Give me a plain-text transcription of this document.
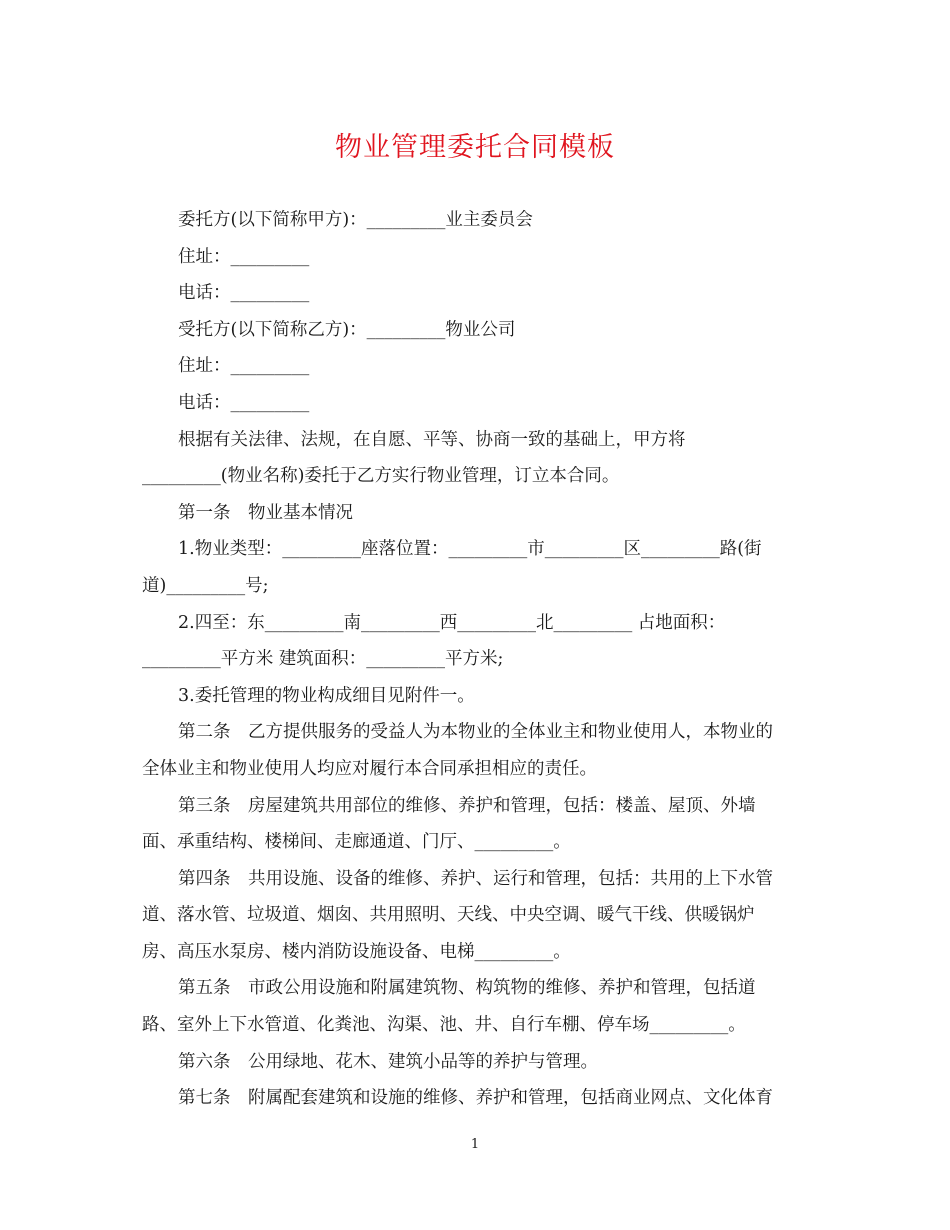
物业管理委托合同模板
委托方(以下简称甲方)：_________业主委员会
住址：_________
电话：_________
受托方(以下简称乙方)：_________物业公司
住址：_________
电话：_________
根据有关法律、法规，在自愿、平等、协商一致的基础上，甲方将
_________(物业名称)委托于乙方实行物业管理，订立本合同。
第一条　物业基本情况
1.物业类型：_________座落位置：_________市_________区_________路(街
道)_________号;
2.四至：东_________南_________西_________北_________ 占地面积：
_________平方米 建筑面积：_________平方米;
3.委托管理的物业构成细目见附件一。
第二条　乙方提供服务的受益人为本物业的全体业主和物业使用人，本物业的
全体业主和物业使用人均应对履行本合同承担相应的责任。
第三条　房屋建筑共用部位的维修、养护和管理，包括：楼盖、屋顶、外墙
面、承重结构、楼梯间、走廊通道、门厅、_________。
第四条　共用设施、设备的维修、养护、运行和管理，包括：共用的上下水管
道、落水管、垃圾道、烟囱、共用照明、天线、中央空调、暖气干线、供暖锅炉
房、高压水泵房、楼内消防设施设备、电梯_________。
第五条　市政公用设施和附属建筑物、构筑物的维修、养护和管理，包括道
路、室外上下水管道、化粪池、沟渠、池、井、自行车棚、停车场_________。
第六条　公用绿地、花木、建筑小品等的养护与管理。
第七条　附属配套建筑和设施的维修、养护和管理，包括商业网点、文化体育
1
